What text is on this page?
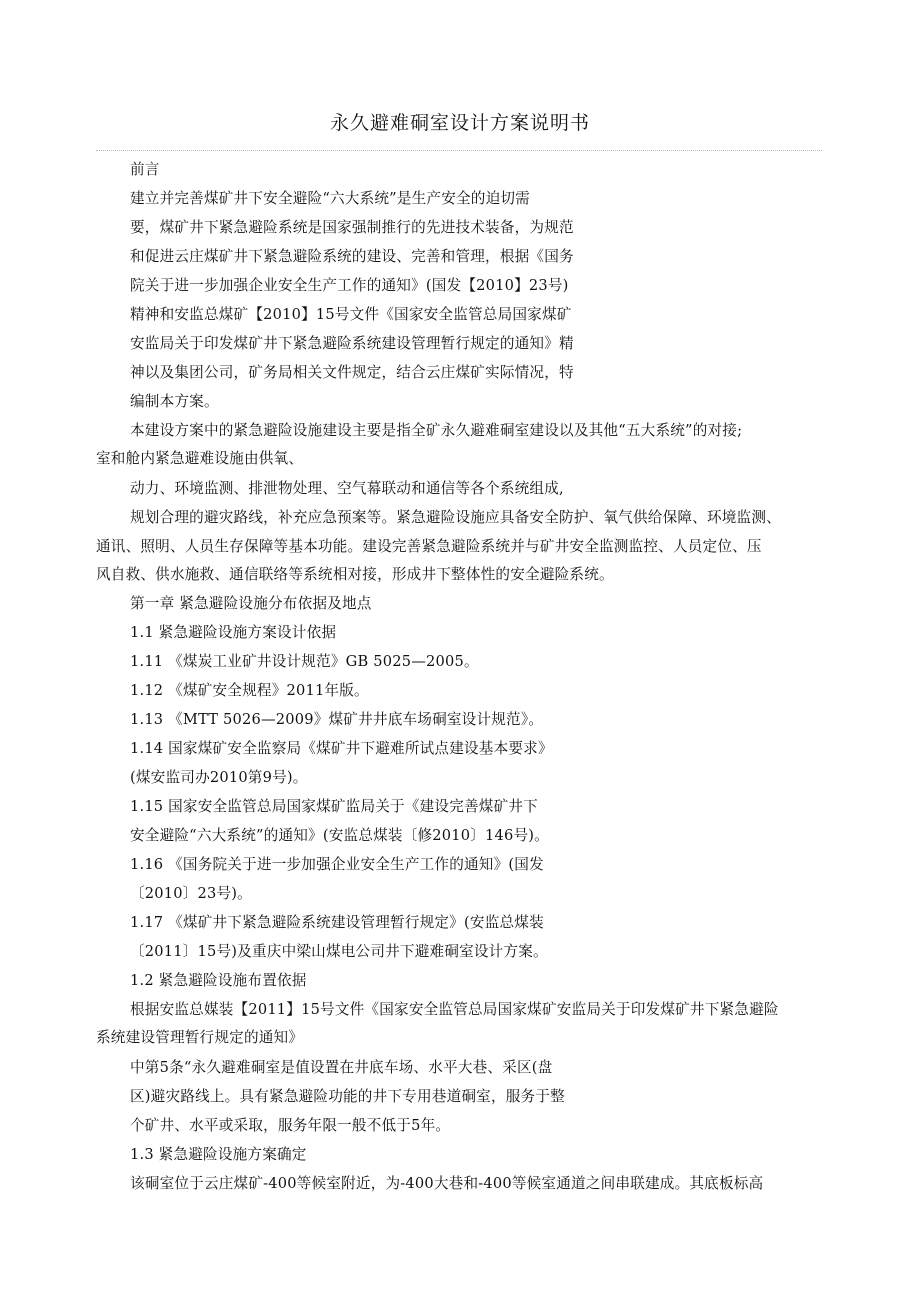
永久避难硐室设计方案说明书
前言
建立并完善煤矿井下安全避险“六大系统”是生产安全的迫切需
要，煤矿井下紧急避险系统是国家强制推行的先进技术装备，为规范
和促进云庄煤矿井下紧急避险系统的建设、完善和管理，根据《国务
院关于进一步加强企业安全生产工作的通知》(国发【2010】23号)
精神和安监总煤矿【2010】15号文件《国家安全监管总局国家煤矿
安监局关于印发煤矿井下紧急避险系统建设管理暂行规定的通知》精
神以及集团公司，矿务局相关文件规定，结合云庄煤矿实际情况，特
编制本方案。
本建设方案中的紧急避险设施建设主要是指全矿永久避难硐室建设以及其他“五大系统”的对接;
室和舱内紧急避难设施由供氧、
动力、环境监测、排泄物处理、空气幕联动和通信等各个系统组成,
规划合理的避灾路线，补充应急预案等。紧急避险设施应具备安全防护、氧气供给保障、环境监测、
通讯、照明、人员生存保障等基本功能。建设完善紧急避险系统并与矿井安全监测监控、人员定位、压
风自救、供水施救、通信联络等系统相对接，形成井下整体性的安全避险系统。
第一章 紧急避险设施分布依据及地点
1.1 紧急避险设施方案设计依据
1.11 《煤炭工业矿井设计规范》GB 5025—2005。
1.12 《煤矿安全规程》2011年版。
1.13 《MTT 5026—2009》煤矿井井底车场硐室设计规范》。
1.14 国家煤矿安全监察局《煤矿井下避难所试点建设基本要求》
(煤安监司办2010第9号)。
1.15 国家安全监管总局国家煤矿监局关于《建设完善煤矿井下
安全避险“六大系统”的通知》(安监总煤装〔修2010〕146号)。
1.16 《国务院关于进一步加强企业安全生产工作的通知》(国发
〔2010〕23号)。
1.17 《煤矿井下紧急避险系统建设管理暂行规定》(安监总煤装
〔2011〕15号)及重庆中梁山煤电公司井下避难硐室设计方案。
1.2 紧急避险设施布置依据
根据安监总媒装【2011】15号文件《国家安全监管总局国家煤矿安监局关于印发煤矿井下紧急避险
系统建设管理暂行规定的通知》
中第5条“永久避难硐室是值设置在井底车场、水平大巷、采区(盘
区)避灾路线上。具有紧急避险功能的井下专用巷道硐室，服务于整
个矿井、水平或采取，服务年限一般不低于5年。
1.3 紧急避险设施方案确定
该硐室位于云庄煤矿-400等候室附近，为-400大巷和-400等候室通道之间串联建成。其底板标高
